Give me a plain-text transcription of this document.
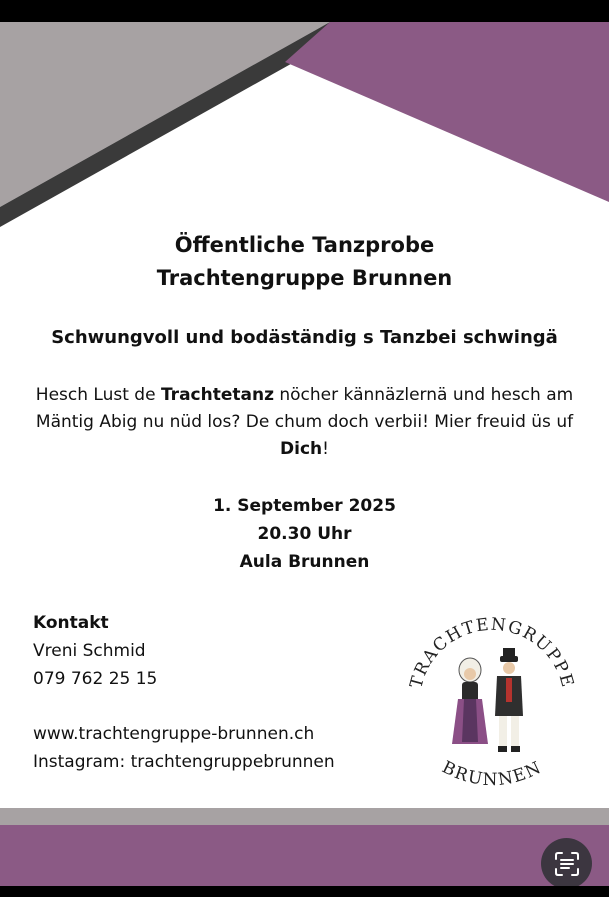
Öffentliche Tanzprobe
Trachtengruppe Brunnen
Schwungvoll und bodäständig s Tanzbei schwingä
Hesch Lust de Trachtetanz nöcher kännäzlernä und hesch am Mäntig Abig nu nüd los? De chum doch verbii! Mier freuid üs uf Dich!
1. September 2025
20.30 Uhr
Aula Brunnen
Kontakt
Vreni Schmid
079 762 25 15
www.trachtengruppe-brunnen.ch
Instagram: trachtengruppebrunnen
TRACHTENGRUPPE
BRUNNEN
